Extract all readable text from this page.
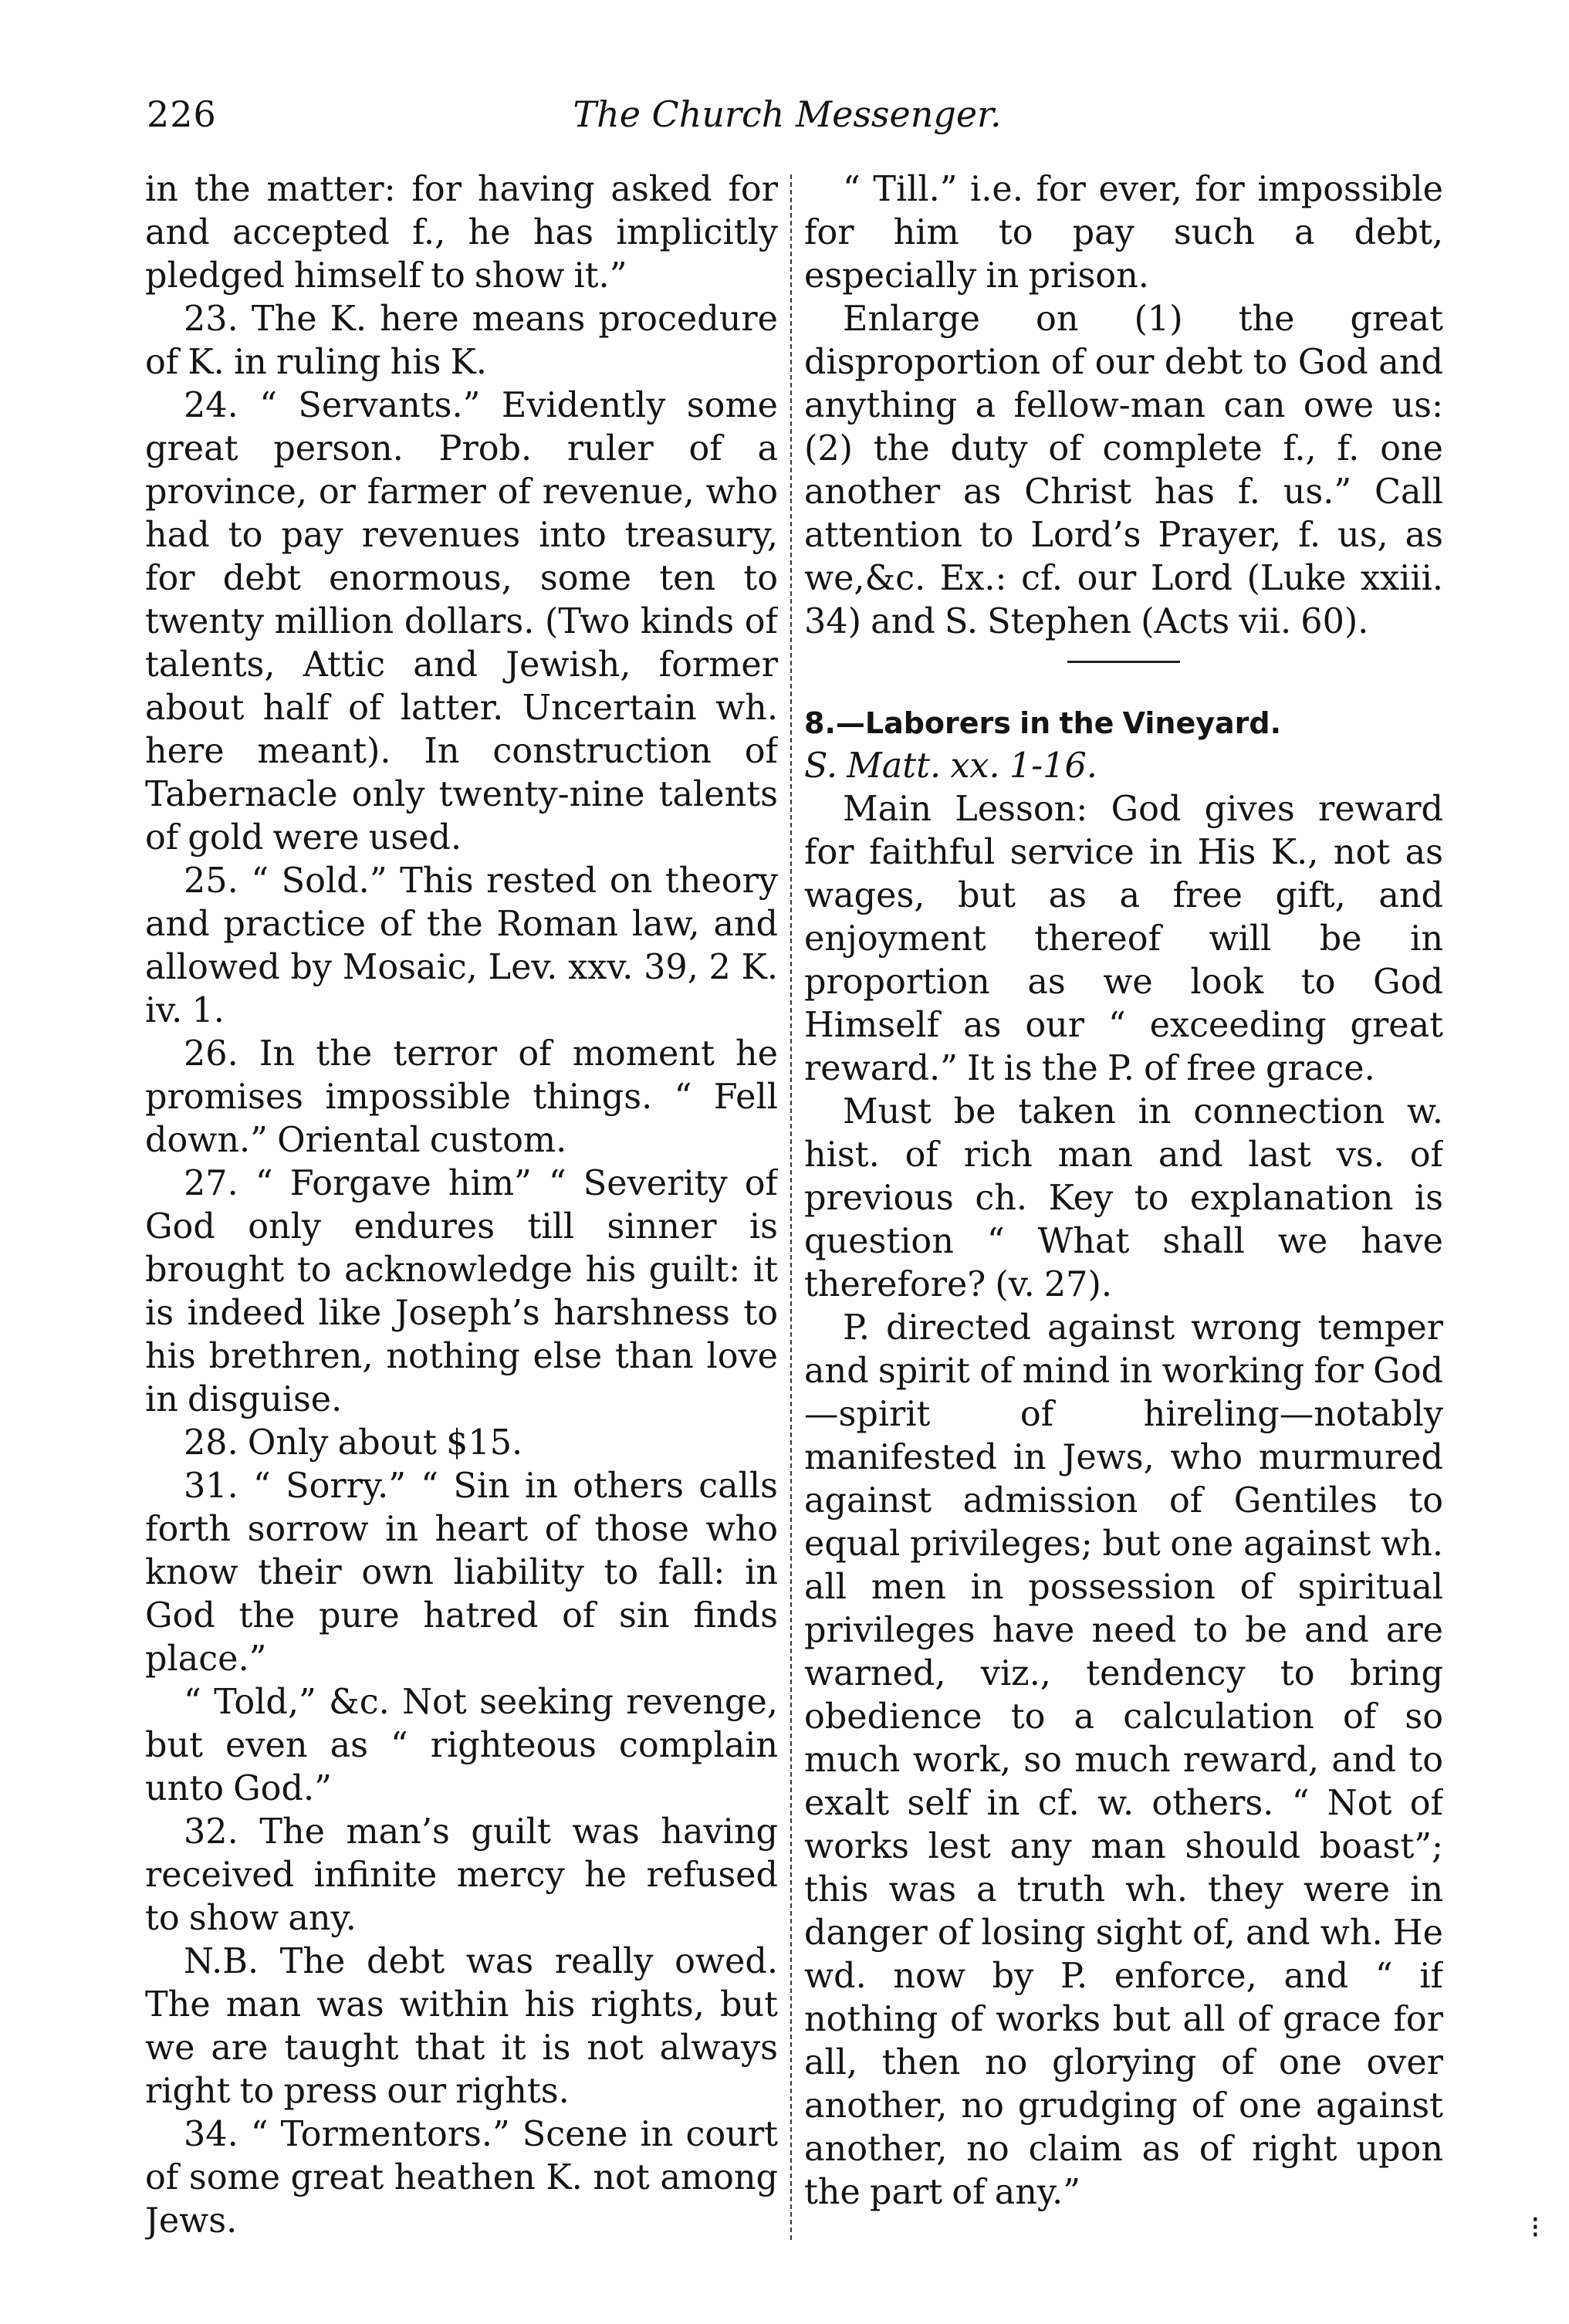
226	The Church Messenger.

in the matter: for having asked for and accepted f., he has implicitly pledged himself to show it.”

23. The K. here means procedure of K. in ruling his K.

24. “ Servants.” Evidently some great person. Prob. ruler of a province, or farmer of revenue, who had to pay revenues into treasury, for debt enormous, some ten to twenty million dollars. (Two kinds of talents, Attic and Jewish, former about half of latter. Uncertain wh. here meant). In construction of Tabernacle only twenty-nine talents of gold were used.

25. “ Sold.” This rested on theory and practice of the Roman law, and allowed by Mosaic, Lev. xxv. 39, 2 K. iv. 1.

26. In the terror of moment he promises impossible things. “ Fell down.” Oriental custom.

27. “ Forgave him” “ Severity of God only endures till sinner is brought to acknowledge his guilt: it is indeed like Joseph’s harshness to his brethren, nothing else than love in disguise.

28. Only about $15.

31. “ Sorry.” “ Sin in others calls forth sorrow in heart of those who know their own liability to fall: in God the pure hatred of sin finds place.”

“ Told,” &c. Not seeking revenge, but even as “ righteous complain unto God.”

32. The man’s guilt was having received infinite mercy he refused to show any.

N.B. The debt was really owed. The man was within his rights, but we are taught that it is not always right to press our rights.

34. “ Tormentors.” Scene in court of some great heathen K. not among Jews.

“ Till.” i.e. for ever, for impossible for him to pay such a debt, especially in prison.

Enlarge on (1) the great disproportion of our debt to God and anything a fellow-man can owe us: (2) the duty of complete f., f. one another as Christ has f. us.” Call attention to Lord’s Prayer, f. us, as we,&c. Ex.: cf. our Lord (Luke xxiii. 34) and S. Stephen (Acts vii. 60).

8.—Laborers in the Vineyard.

S. Matt. xx. 1-16.

Main Lesson: God gives reward for faithful service in His K., not as wages, but as a free gift, and enjoyment thereof will be in proportion as we look to God Himself as our “ exceeding great reward.” It is the P. of free grace.

Must be taken in connection w. hist. of rich man and last vs. of previous ch. Key to explanation is question “ What shall we have therefore? (v. 27).

P. directed against wrong temper and spirit of mind in working for God—spirit of hireling—notably manifested in Jews, who murmured against admission of Gentiles to equal privileges; but one against wh. all men in possession of spiritual privileges have need to be and are warned, viz., tendency to bring obedience to a calculation of so much work, so much reward, and to exalt self in cf. w. others. “ Not of works lest any man should boast”; this was a truth wh. they were in danger of losing sight of, and wh. He wd. now by P. enforce, and “ if nothing of works but all of grace for all, then no glorying of one over another, no grudging of one against another, no claim as of right upon the part of any.”

⁝
